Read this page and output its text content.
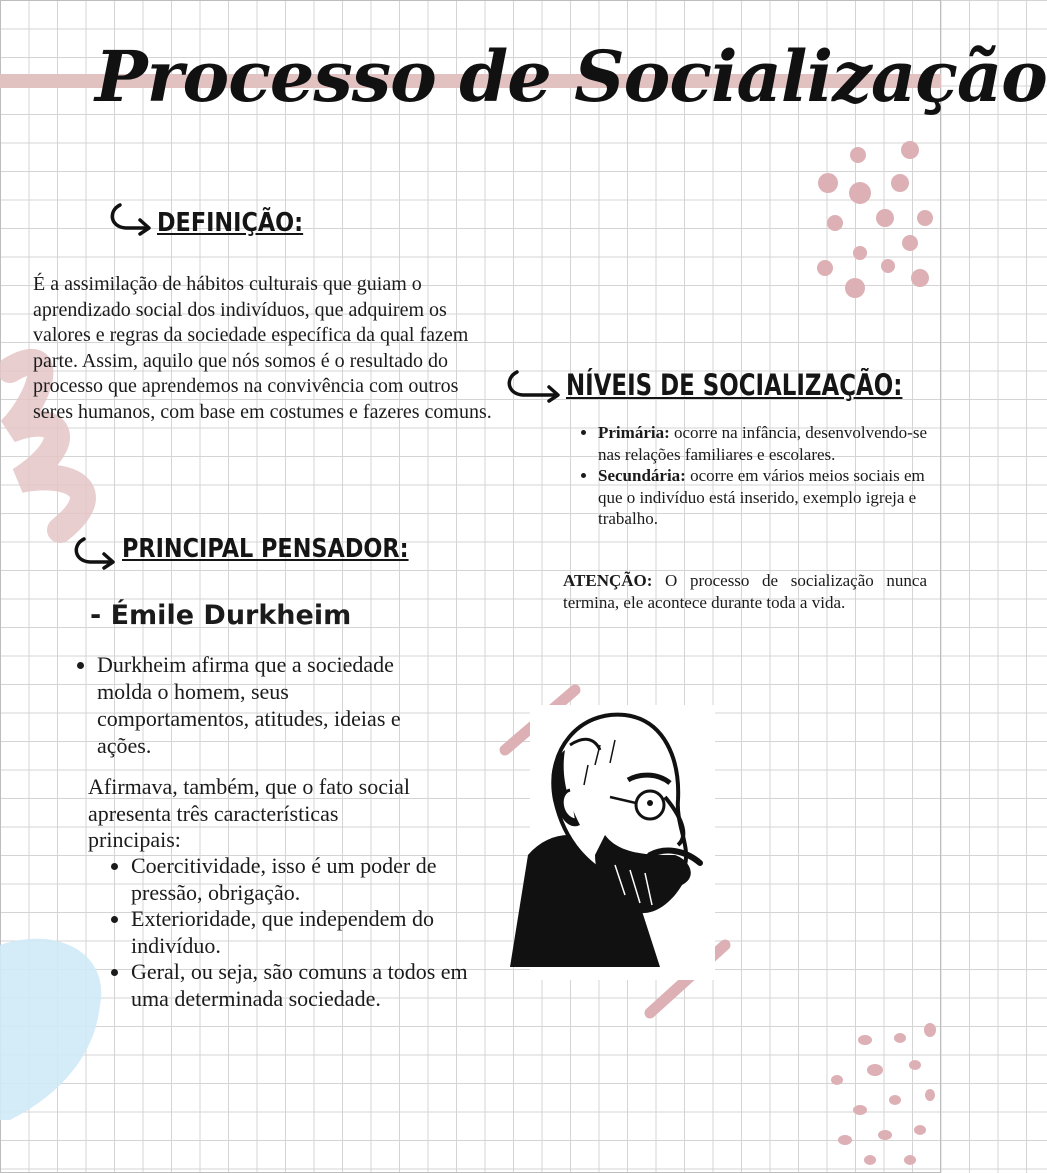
Processo de Socialização
DEFINIÇÃO:
É a assimilação de hábitos culturais que guiam o aprendizado social dos indivíduos, que adquirem os valores e regras da sociedade específica da qual fazem parte. Assim, aquilo que nós somos é o resultado do processo que aprendemos na convivência com outros seres humanos, com base em costumes e fazeres comuns.
PRINCIPAL PENSADOR:
- Émile Durkheim
• Durkheim afirma que a sociedade molda o homem, seus comportamentos, atitudes, ideias e ações.
Afirmava, também, que o fato social apresenta três características principais:
• Coercitividade, isso é um poder de pressão, obrigação.
• Exterioridade, que independem do indivíduo.
• Geral, ou seja, são comuns a todos em uma determinada sociedade.
NÍVEIS DE SOCIALIZAÇÃO:
• Primária: ocorre na infância, desenvolvendo-se nas relações familiares e escolares.
• Secundária: ocorre em vários meios sociais em que o indivíduo está inserido, exemplo igreja e trabalho.
ATENÇÃO: O processo de socialização nunca termina, ele acontece durante toda a vida.
